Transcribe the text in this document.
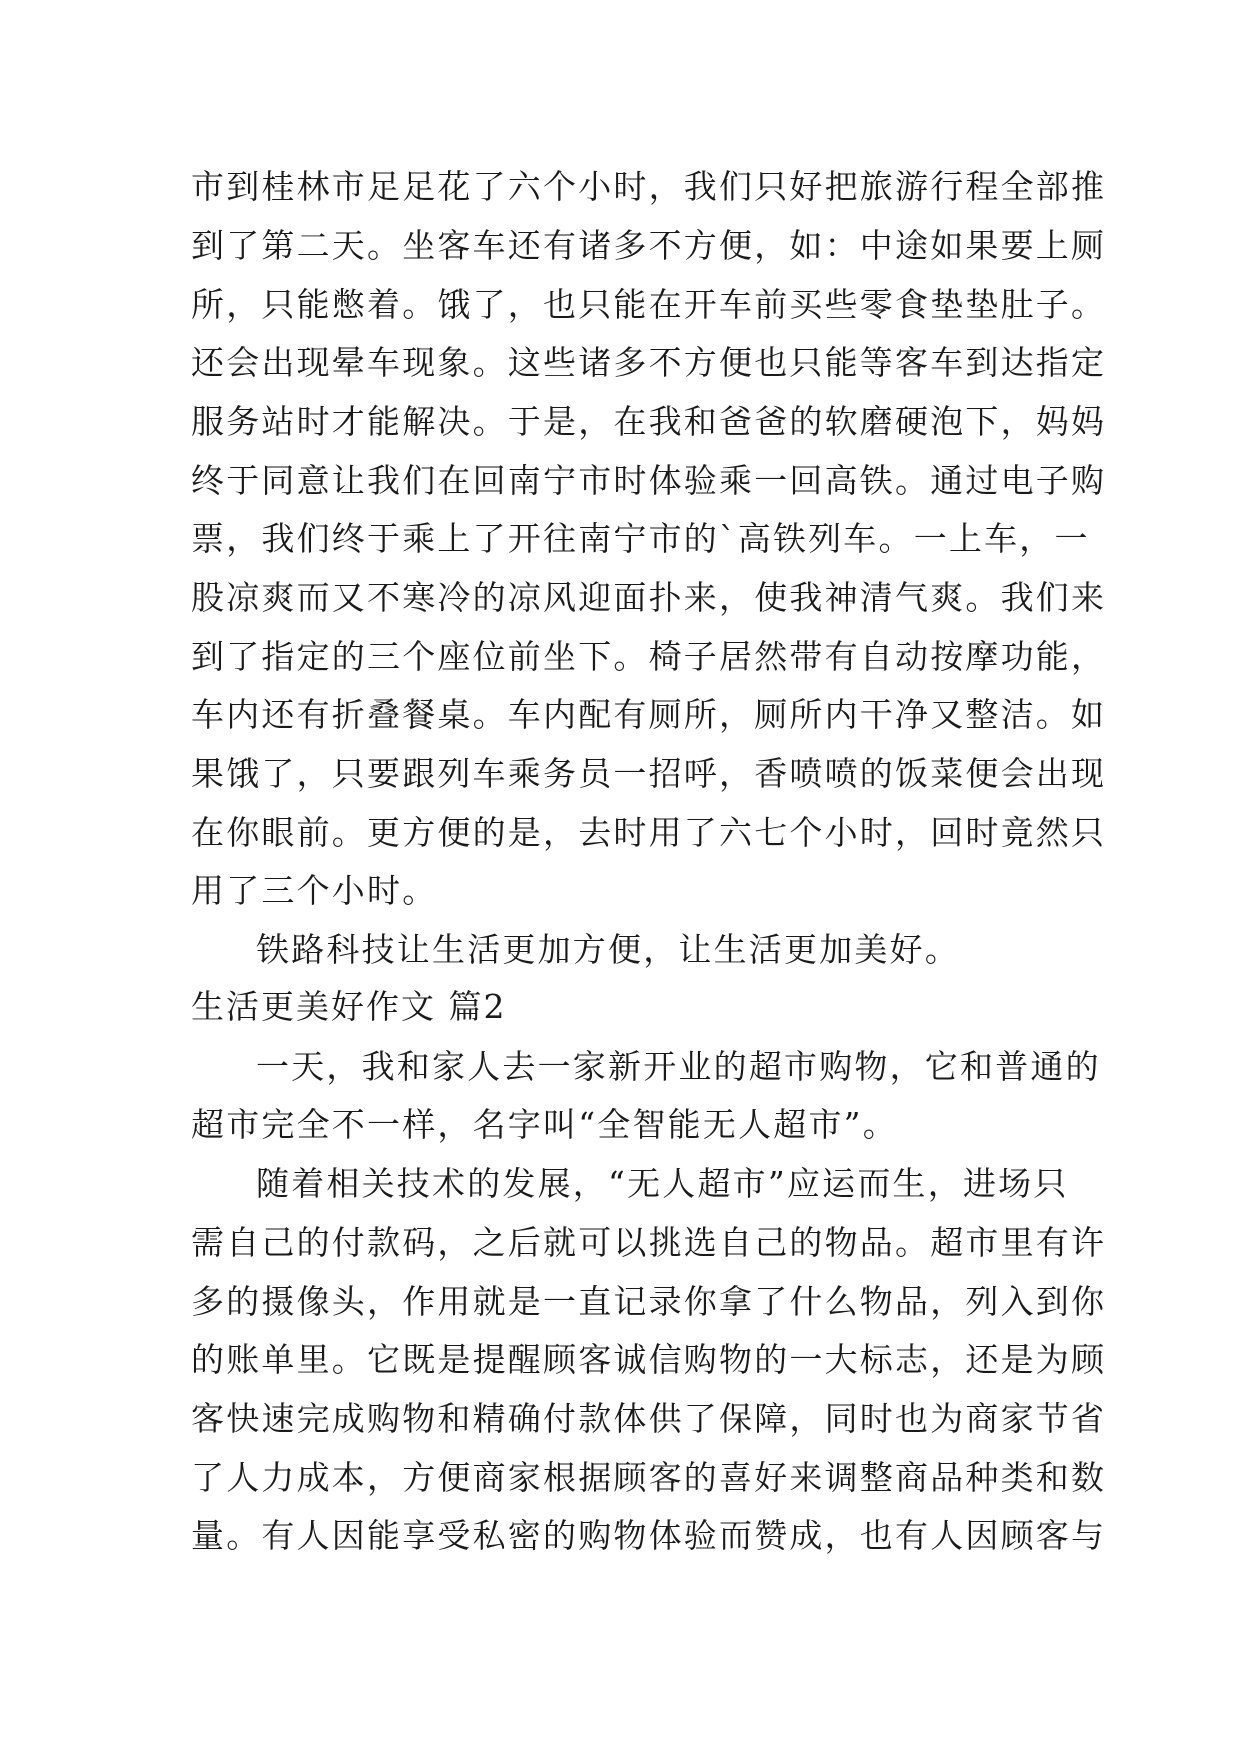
市到桂林市足足花了六个小时，我们只好把旅游行程全部推
到了第二天。坐客车还有诸多不方便，如：中途如果要上厕
所，只能憋着。饿了，也只能在开车前买些零食垫垫肚子。
还会出现晕车现象。这些诸多不方便也只能等客车到达指定
服务站时才能解决。于是，在我和爸爸的软磨硬泡下，妈妈
终于同意让我们在回南宁市时体验乘一回高铁。通过电子购
票，我们终于乘上了开往南宁市的`高铁列车。一上车，一
股凉爽而又不寒冷的凉风迎面扑来，使我神清气爽。我们来
到了指定的三个座位前坐下。椅子居然带有自动按摩功能，
车内还有折叠餐桌。车内配有厕所，厕所内干净又整洁。如
果饿了，只要跟列车乘务员一招呼，香喷喷的饭菜便会出现
在你眼前。更方便的是，去时用了六七个小时，回时竟然只
用了三个小时。
铁路科技让生活更加方便，让生活更加美好。
生活更美好作文 篇2
一天，我和家人去一家新开业的超市购物，它和普通的
超市完全不一样，名字叫“全智能无人超市”。
随着相关技术的发展，“无人超市”应运而生，进场只
需自己的付款码，之后就可以挑选自己的物品。超市里有许
多的摄像头，作用就是一直记录你拿了什么物品，列入到你
的账单里。它既是提醒顾客诚信购物的一大标志，还是为顾
客快速完成购物和精确付款体供了保障，同时也为商家节省
了人力成本，方便商家根据顾客的喜好来调整商品种类和数
量。有人因能享受私密的购物体验而赞成，也有人因顾客与
